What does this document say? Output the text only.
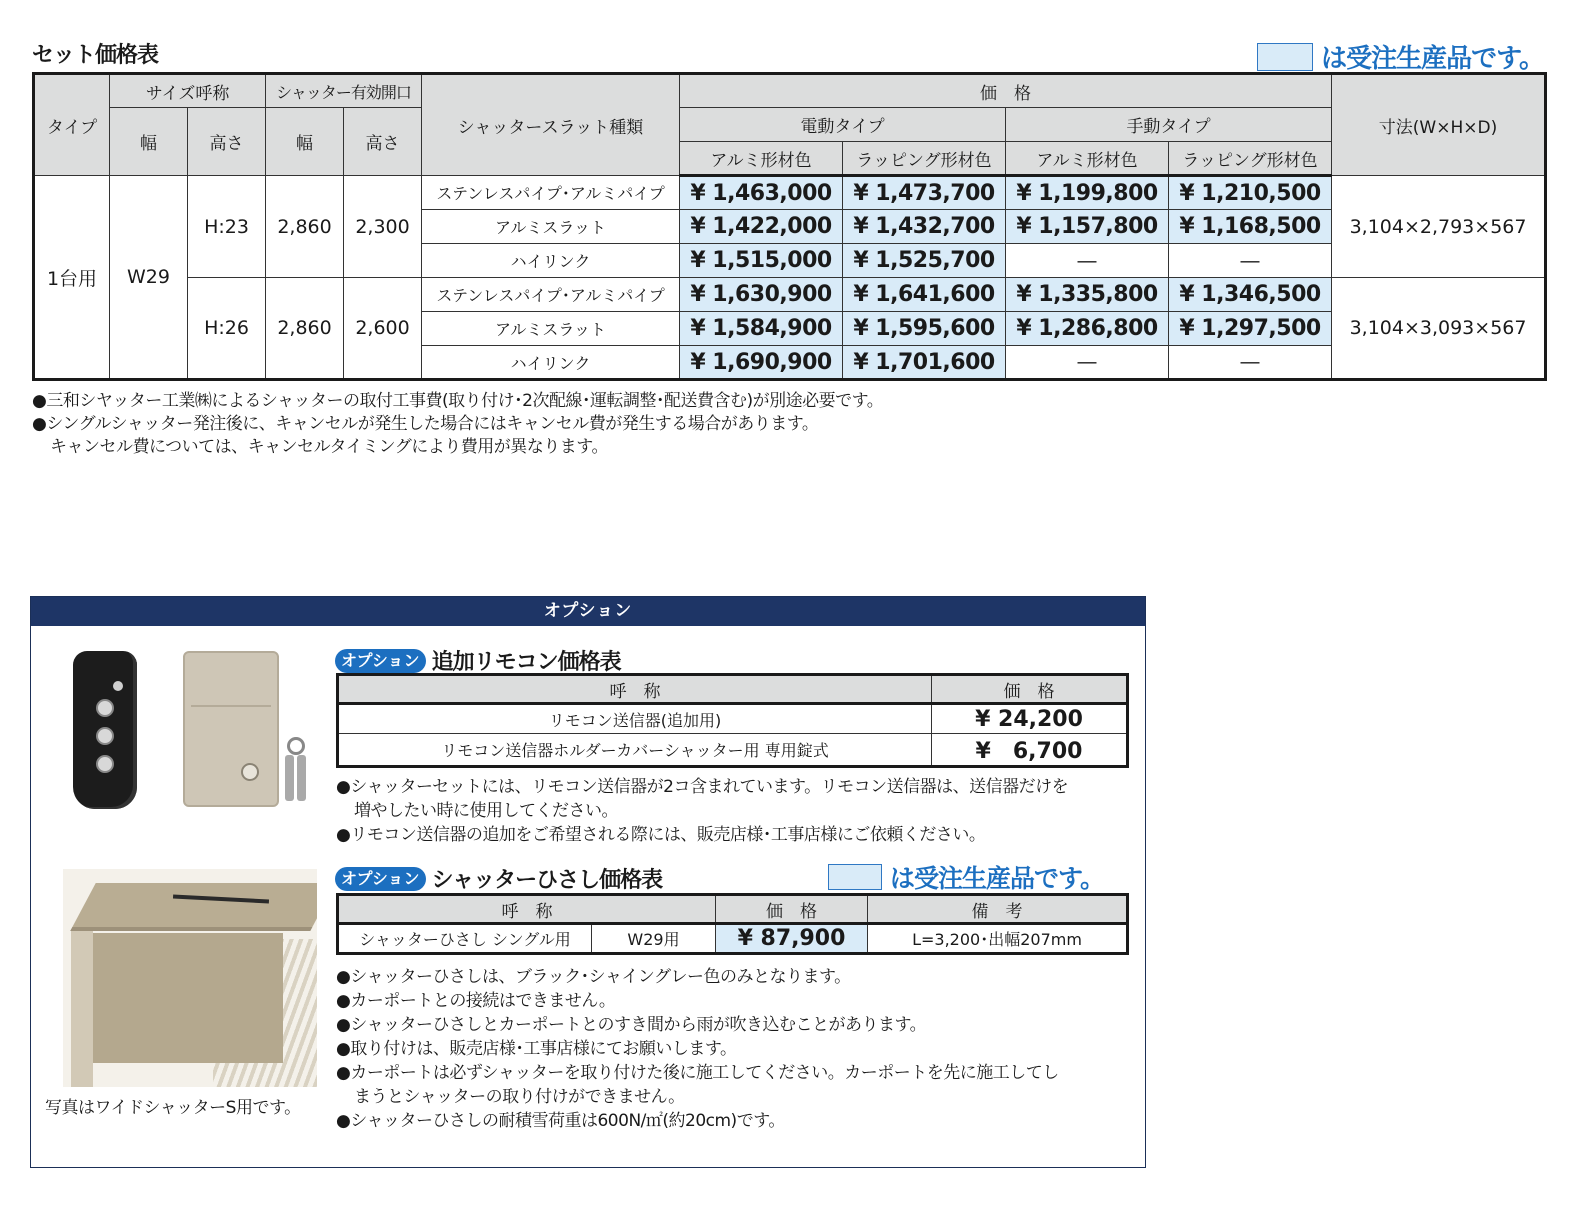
セット価格表	は受注生産品です。
タイプ	サイズ呼称		シャッター有効開口		シャッタースラット種類	価　格				寸法(W×H×D)
	幅	高さ	幅	高さ		電動タイプ		手動タイプ		
						アルミ形材色	ラッピング形材色	アルミ形材色	ラッピング形材色	
1台用	W29	H:23	2,860	2,300	ステンレスパイプ･アルミパイプ	¥ 1,463,000	¥ 1,473,700	¥ 1,199,800	¥ 1,210,500	3,104×2,793×567
					アルミスラット	¥ 1,422,000	¥ 1,432,700	¥ 1,157,800	¥ 1,168,500	
					ハイリンク	¥ 1,515,000	¥ 1,525,700	―	―	
		H:26	2,860	2,600	ステンレスパイプ･アルミパイプ	¥ 1,630,900	¥ 1,641,600	¥ 1,335,800	¥ 1,346,500	3,104×3,093×567
					アルミスラット	¥ 1,584,900	¥ 1,595,600	¥ 1,286,800	¥ 1,297,500	
					ハイリンク	¥ 1,690,900	¥ 1,701,600	―	―	
●三和シヤッター工業㈱によるシャッターの取付工事費(取り付け･2次配線･運転調整･配送費含む)が別途必要です。
●シングルシャッター発注後に、キャンセルが発生した場合にはキャンセル費が発生する場合があります。
キャンセル費については、キャンセルタイミングにより費用が異なります。
オプション
オプション 追加リモコン価格表
呼　称	価　格
リモコン送信器(追加用)	¥ 24,200
リモコン送信器ホルダーカバーシャッター用 専用錠式	¥　6,700
●シャッターセットには、リモコン送信器が2コ含まれています。リモコン送信器は、送信器だけを
増やしたい時に使用してください。
●リモコン送信器の追加をご希望される際には、販売店様･工事店様にご依頼ください。
オプション シャッターひさし価格表	は受注生産品です。
写真はワイドシャッターS用です。
呼　称		価　格	備　考
シャッターひさし シングル用	W29用	¥ 87,900	L=3,200･出幅207mm
●シャッターひさしは、ブラック･シャイングレー色のみとなります。
●カーポートとの接続はできません。
●シャッターひさしとカーポートとのすき間から雨が吹き込むことがあります。
●取り付けは、販売店様･工事店様にてお願いします。
●カーポートは必ずシャッターを取り付けた後に施工してください。カーポートを先に施工してし
まうとシャッターの取り付けができません。
●シャッターひさしの耐積雪荷重は600N/㎡(約20cm)です。
